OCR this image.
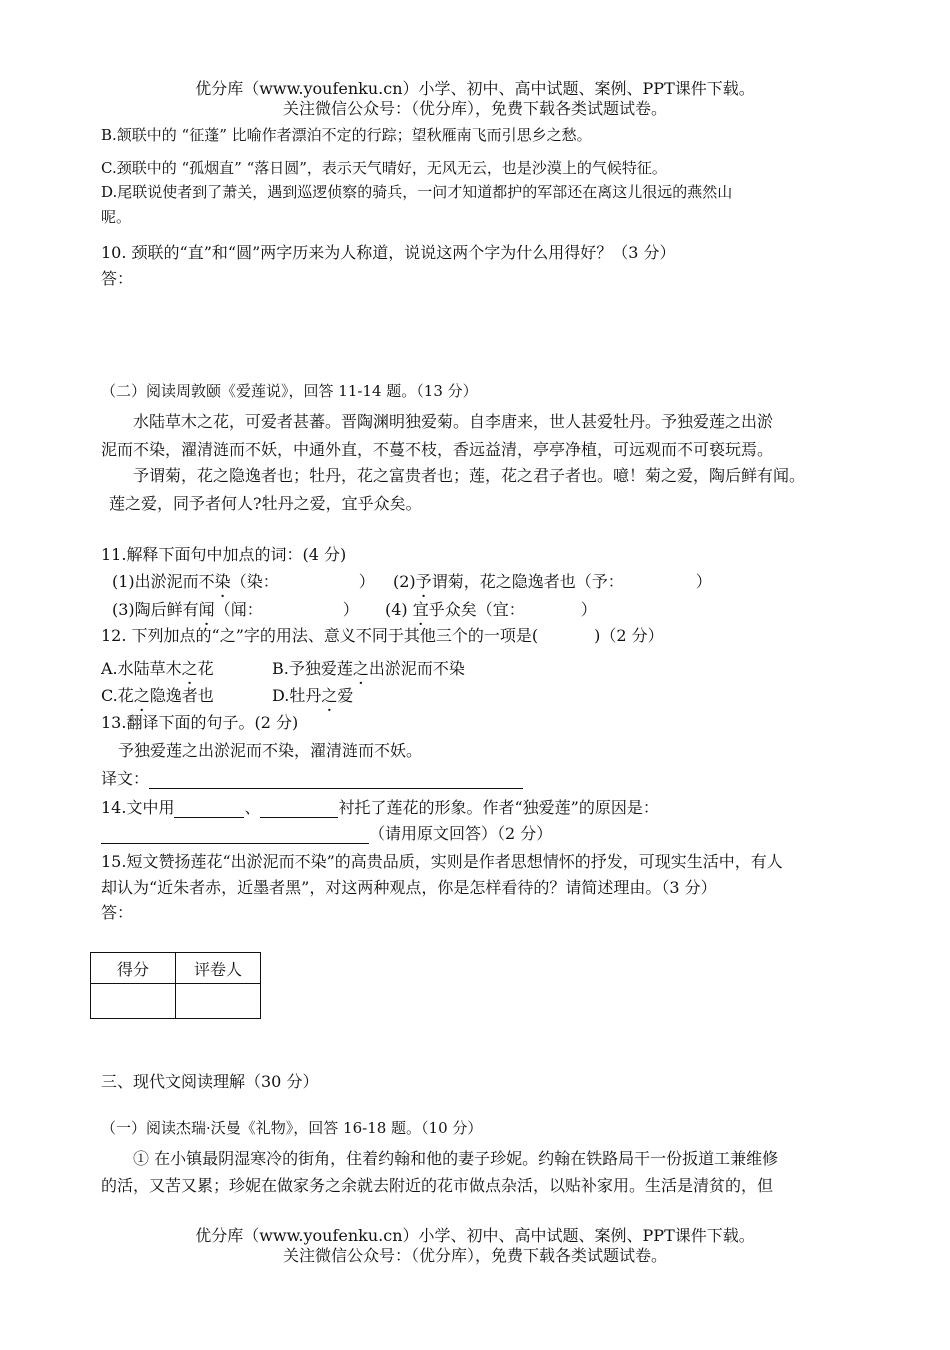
优分库（www.youfenku.cn）小学、初中、高中试题、案例、PPT课件下载。
关注微信公众号：（优分库），免费下载各类试题试卷。
B.颔联中的 “征蓬” 比喻作者漂泊不定的行踪；望秋雁南飞而引思乡之愁。
C.颈联中的 “孤烟直” “落日圆”，表示天气晴好，无风无云，也是沙漠上的气候特征。
D.尾联说使者到了萧关，遇到巡逻侦察的骑兵，一问才知道都护的军部还在离这儿很远的燕然山
呢。
10. 颈联的“直”和“圆”两字历来为人称道，说说这两个字为什么用得好？（3 分）
答：
（二）阅读周敦颐《爱莲说》，回答 11-14 题。（13 分）
水陆草木之花，可爱者甚蕃。晋陶渊明独爱菊。自李唐来，世人甚爱牡丹。予独爱莲之出淤
泥而不染，濯清涟而不妖，中通外直，不蔓不枝，香远益清，亭亭净植，可远观而不可亵玩焉。
予谓菊，花之隐逸者也；牡丹，花之富贵者也；莲，花之君子者也。噫！菊之爱，陶后鲜有闻。
莲之爱，同予者何人?牡丹之爱，宜乎众矣。
11.解释下面句中加点的词：(4 分)
(1)出淤泥而不染（染：	） (2)予谓菊，花之隐逸者也（予：	）
(3)陶后鲜有闻（闻：	） (4) 宜乎众矣（宜：	）
12. 下列加点的“之”字的用法、意义不同于其他三个的一项是(	)（2 分）
A.水陆草木之花	B.予独爱莲之出淤泥而不染
C.花之隐逸者也	D.牡丹之爱
13.翻译下面的句子。(2 分)
予独爱莲之出淤泥而不染，濯清涟而不妖。
译文：
14.文中用	、	衬托了莲花的形象。作者“独爱莲”的原因是：
（请用原文回答）（2 分）
15.短文赞扬莲花“出淤泥而不染”的高贵品质，实则是作者思想情怀的抒发，可现实生活中，有人
却认为“近朱者赤，近墨者黑”，对这两种观点，你是怎样看待的？请简述理由。（3 分）
答：
得分	评卷人

三、现代文阅读理解（30 分）
（一）阅读杰瑞·沃曼《礼物》，回答 16-18 题。（10 分）
① 在小镇最阴湿寒冷的街角，住着约翰和他的妻子珍妮。约翰在铁路局干一份扳道工兼维修
的活，又苦又累；珍妮在做家务之余就去附近的花市做点杂活，以贴补家用。生活是清贫的，但
优分库（www.youfenku.cn）小学、初中、高中试题、案例、PPT课件下载。
关注微信公众号：（优分库），免费下载各类试题试卷。
